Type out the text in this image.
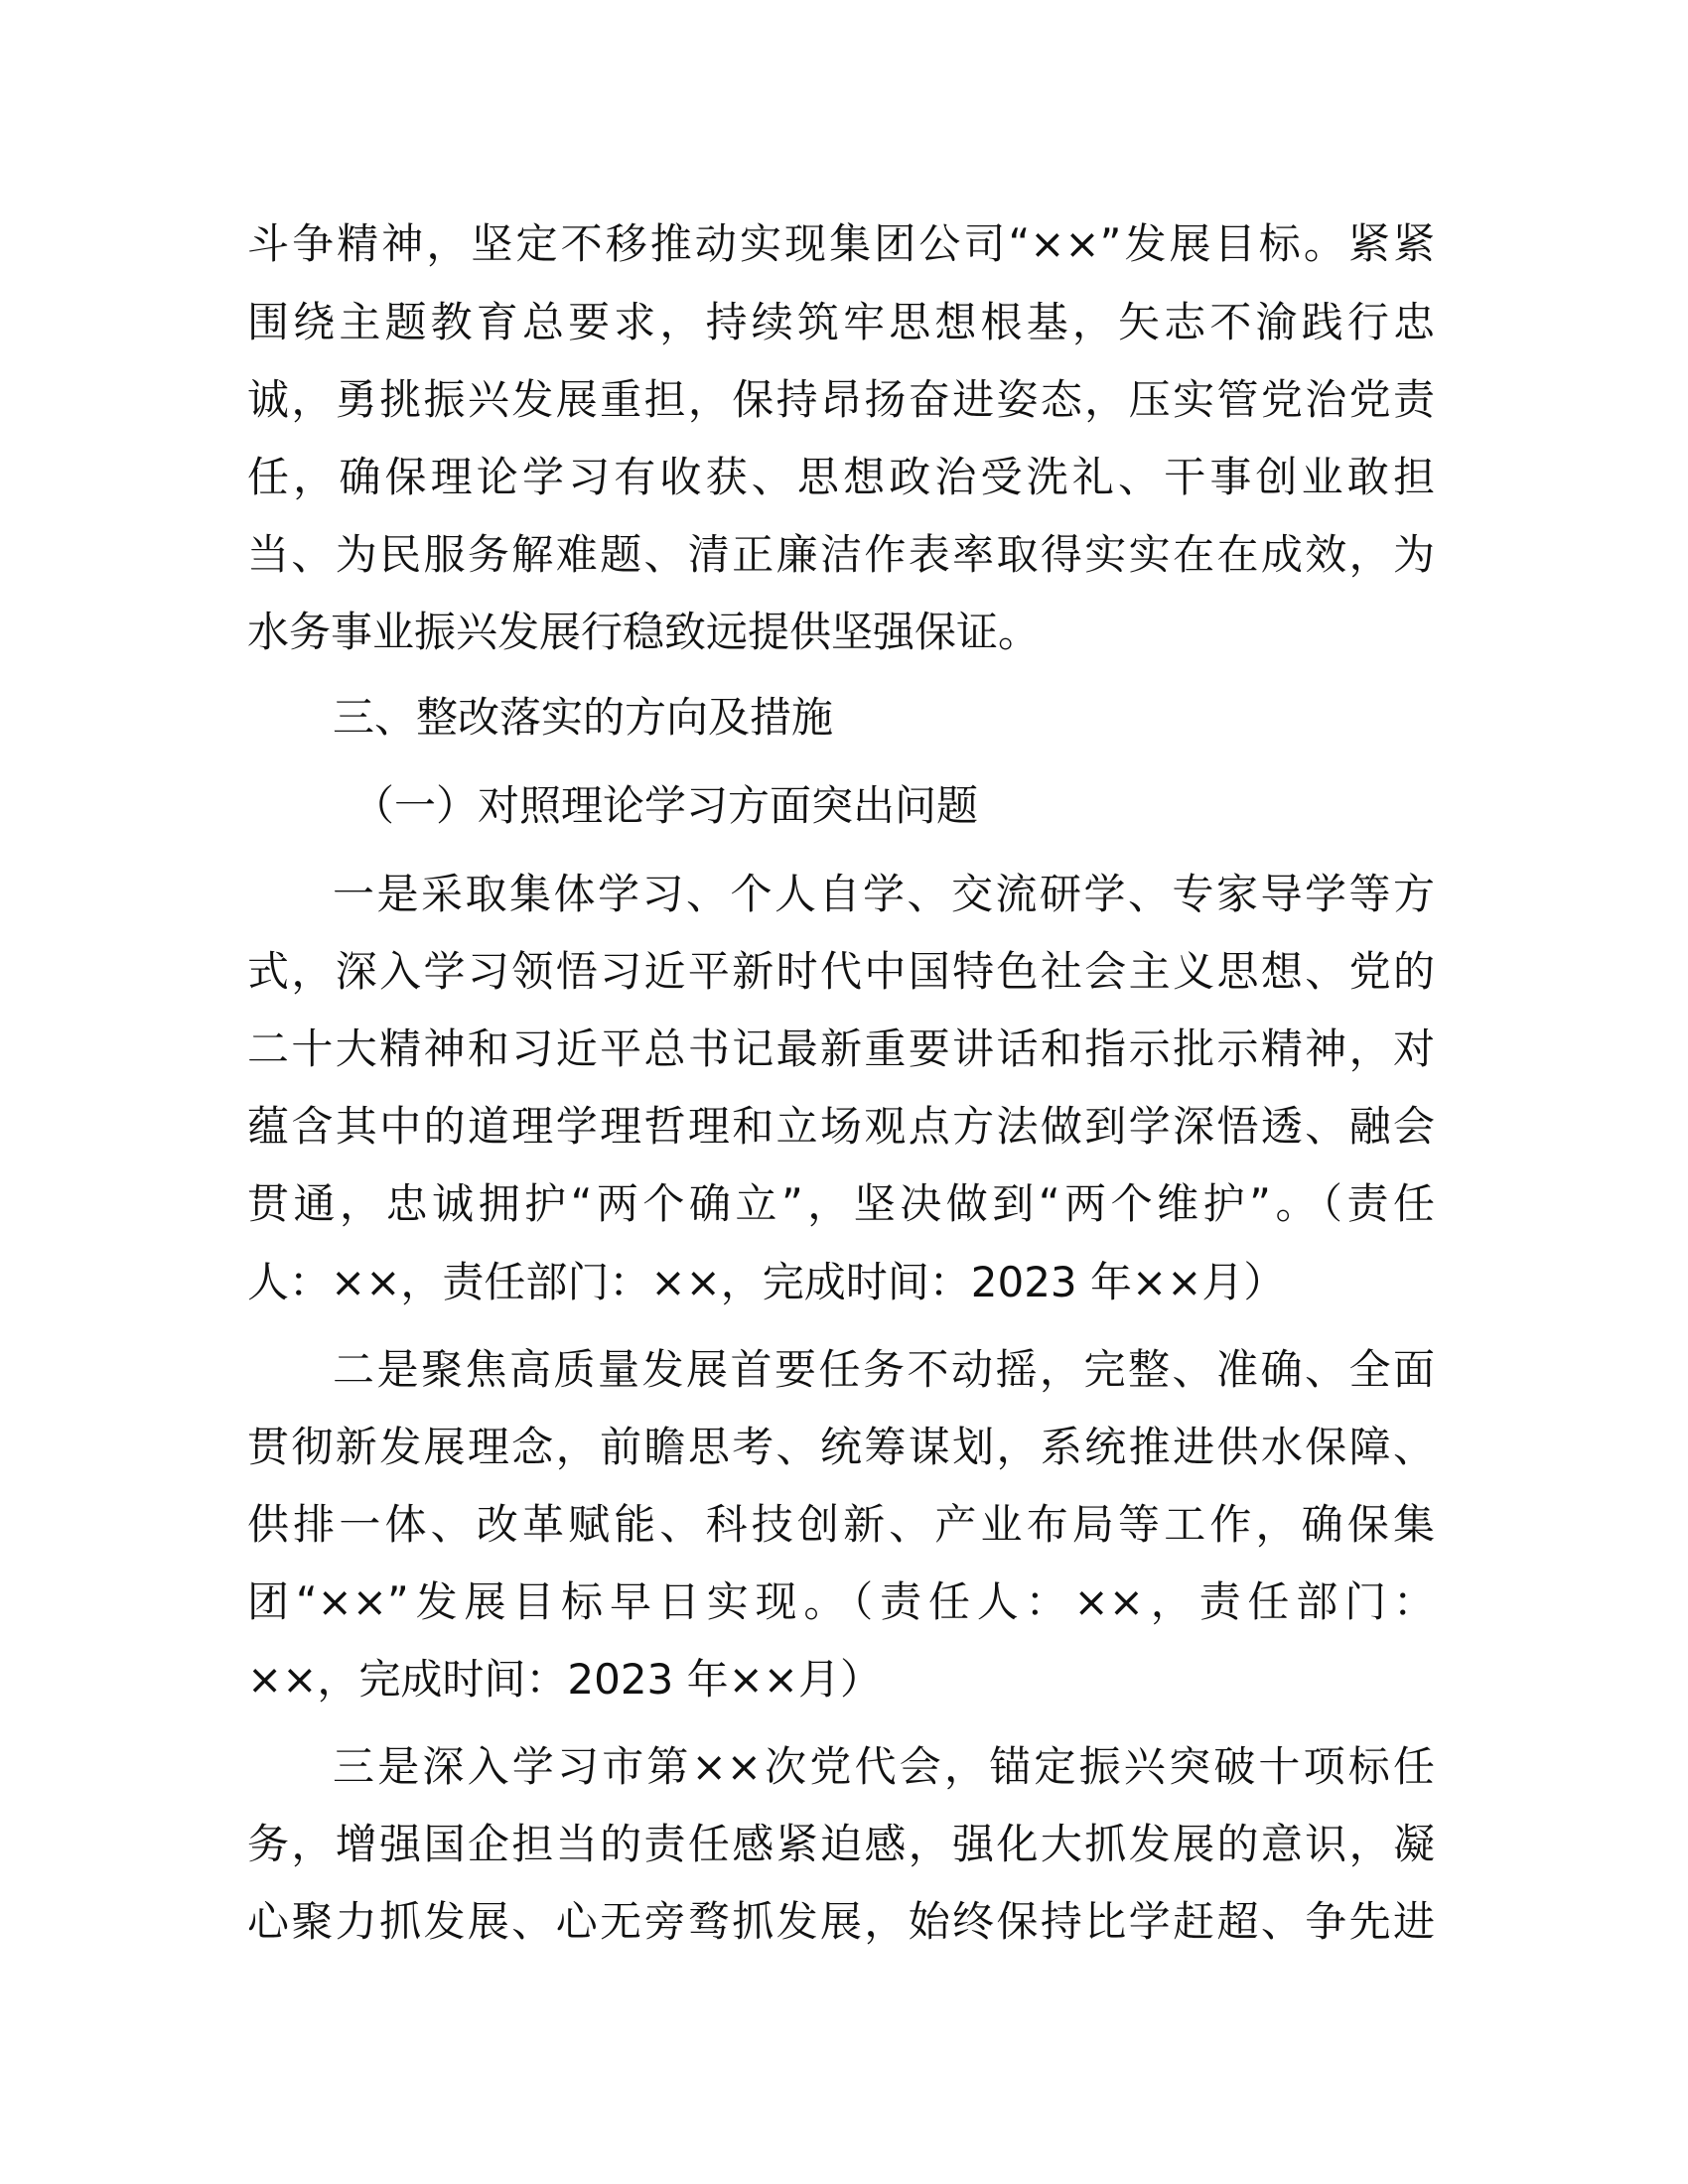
斗争精神，坚定不移推动实现集团公司“××”发展目标。紧紧
围绕主题教育总要求，持续筑牢思想根基，矢志不渝践行忠
诚，勇挑振兴发展重担，保持昂扬奋进姿态，压实管党治党责
任，确保理论学习有收获、思想政治受洗礼、干事创业敢担
当、为民服务解难题、清正廉洁作表率取得实实在在成效，为
水务事业振兴发展行稳致远提供坚强保证。
三、整改落实的方向及措施
（一）对照理论学习方面突出问题
一是采取集体学习、个人自学、交流研学、专家导学等方
式，深入学习领悟习近平新时代中国特色社会主义思想、党的
二十大精神和习近平总书记最新重要讲话和指示批示精神，对
蕴含其中的道理学理哲理和立场观点方法做到学深悟透、融会
贯通，忠诚拥护“两个确立”，坚决做到“两个维护”。（责任
人：××，责任部门：××，完成时间：2023 年××月）
二是聚焦高质量发展首要任务不动摇，完整、准确、全面
贯彻新发展理念，前瞻思考、统筹谋划，系统推进供水保障、
供排一体、改革赋能、科技创新、产业布局等工作，确保集
团“××”发展目标早日实现。（责任人：××，责任部门：
××，完成时间：2023 年××月）
三是深入学习市第××次党代会，锚定振兴突破十项标任
务，增强国企担当的责任感紧迫感，强化大抓发展的意识，凝
心聚力抓发展、心无旁骛抓发展，始终保持比学赶超、争先进
